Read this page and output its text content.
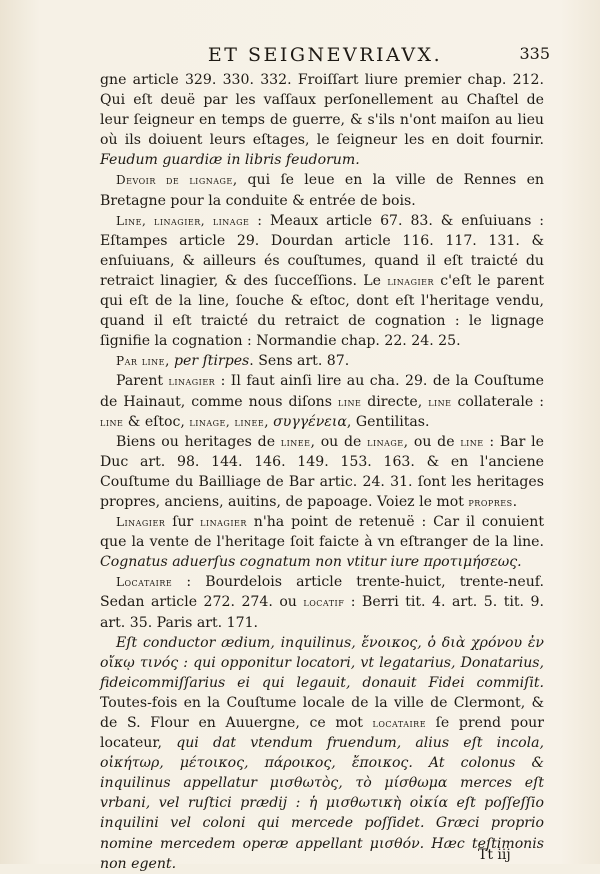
ET SEIGNEVRIAVX.	335

gne article 329. 330. 332. Froiſſart liure premier chap. 212. Qui eſt deuë par les vaſſaux perſonellement au Chaſtel de leur ſeigneur en temps de guerre, & s'ils n'ont maiſon au lieu où ils doiuent leurs eſtages, le ſeigneur les en doit fournir. Feudum guardiæ in libris feudorum.

Devoir de lignage, qui ſe leue en la ville de Rennes en Bretagne pour la conduite & entrée de bois.

Line, linagier, linage : Meaux article 67. 83. & enſuiuans : Eſtampes article 29. Dourdan article 116. 117. 131. & enſuiuans, & ailleurs és couſtumes, quand il eſt traicté du retraict linagier, & des ſucceſſions. Le linagier c'eſt le parent qui eſt de la line, ſouche & eſtoc, dont eſt l'heritage vendu, quand il eſt traicté du retraict de cognation : le lignage ſignifie la cognation : Normandie chap. 22. 24. 25.

Par line, per ſtirpes. Sens art. 87.

Parent linagier : Il faut ainſi lire au cha. 29. de la Couſtume de Hainaut, comme nous diſons line directe, line collaterale : line & eſtoc, linage, linee, συγγένεια, Gentilitas.

Biens ou heritages de linee, ou de linage, ou de line : Bar le Duc art. 98. 144. 146. 149. 153. 163. & en l'anciene Couſtume du Bailliage de Bar artic. 24. 31. ſont les heritages propres, anciens, auitins, de papoage. Voiez le mot propres.

Linagier ſur linagier n'ha point de retenuë : Car il conuient que la vente de l'heritage ſoit faicte à vn eſtranger de la line. Cognatus aduerſus cognatum non vtitur iure προτιμήσεως.

Locataire : Bourdelois article trente-huict, trente-neuf. Sedan article 272. 274. ou locatif : Berri tit. 4. art. 5. tit. 9. art. 35. Paris art. 171.

Eſt conductor ædium, inquilinus, ἔνοικος, ὁ διὰ χρόνου ἐν οἴκῳ τινός : qui opponitur locatori, vt legatarius, Donatarius, fideicommiſſarius ei qui legauit, donauit Fidei commiſit. Toutes-fois en la Couſtume locale de la ville de Clermont, & de S. Flour en Auuergne, ce mot locataire ſe prend pour locateur, qui dat vtendum fruendum, alius eſt incola, οἰκήτωρ, μέτοικος, πάροικος, ἔποικος. At colonus & inquilinus appellatur μισθωτὸς, τὸ μίσθωμα merces eſt vrbani, vel ruſtici prædij : ἡ μισθωτικὴ οἰκία eſt poſſeſſio inquilini vel coloni qui mercede poſſidet. Græci proprio nomine mercedem operæ appellant μισθόν. Hæc teſtimonis non egent.

Tt iij
